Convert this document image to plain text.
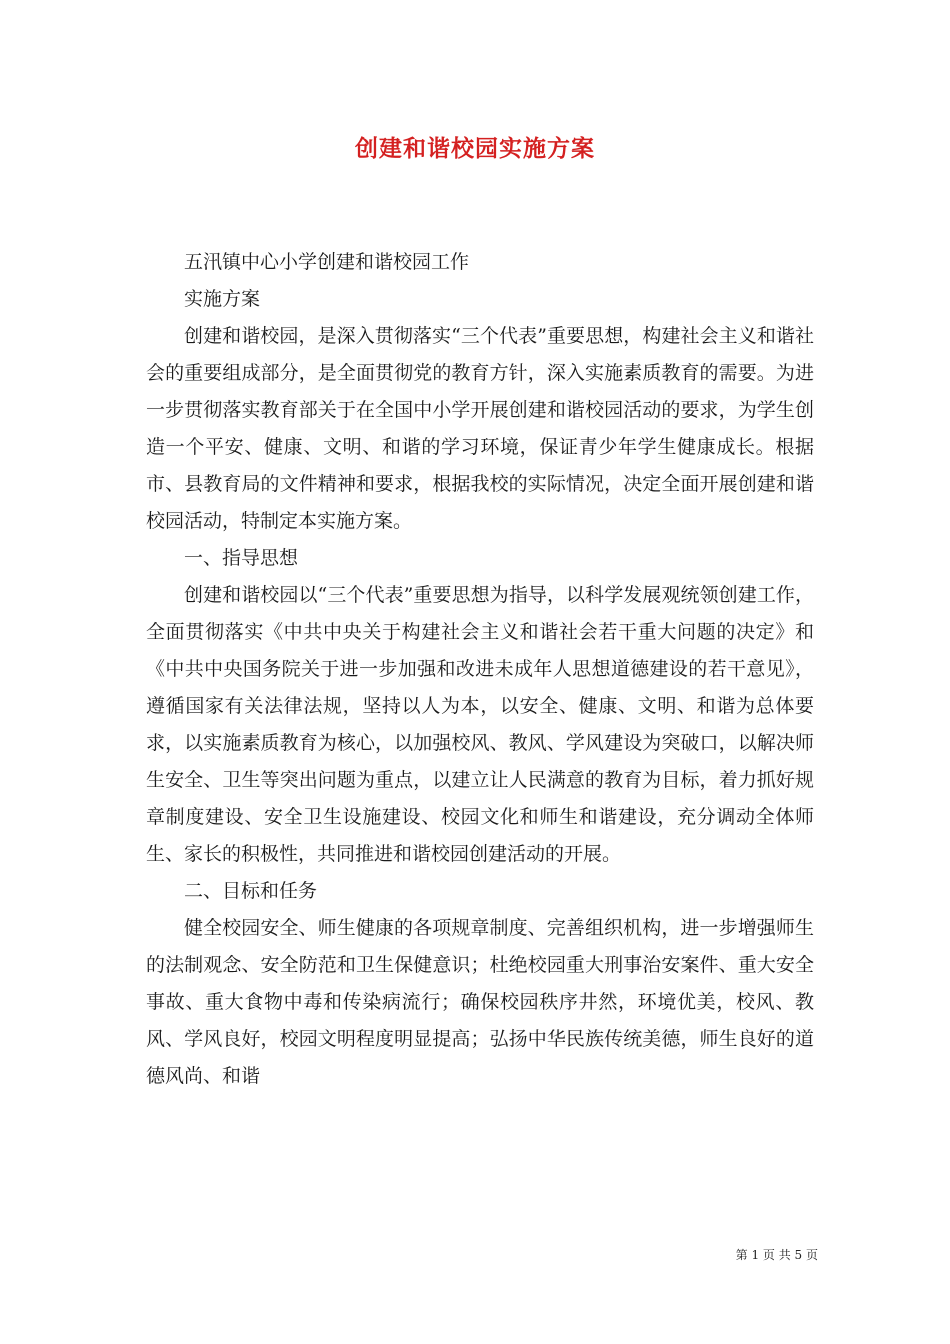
创建和谐校园实施方案

五汛镇中心小学创建和谐校园工作

实施方案

创建和谐校园，是深入贯彻落实“三个代表”重要思想，构建社会主义和谐社会的重要组成部分，是全面贯彻党的教育方针，深入实施素质教育的需要。为进一步贯彻落实教育部关于在全国中小学开展创建和谐校园活动的要求，为学生创造一个平安、健康、文明、和谐的学习环境，保证青少年学生健康成长。根据市、县教育局的文件精神和要求，根据我校的实际情况，决定全面开展创建和谐校园活动，特制定本实施方案。

一、指导思想

创建和谐校园以“三个代表”重要思想为指导，以科学发展观统领创建工作，全面贯彻落实《中共中央关于构建社会主义和谐社会若干重大问题的决定》和《中共中央国务院关于进一步加强和改进未成年人思想道德建设的若干意见》，遵循国家有关法律法规，坚持以人为本，以安全、健康、文明、和谐为总体要求，以实施素质教育为核心，以加强校风、教风、学风建设为突破口，以解决师生安全、卫生等突出问题为重点，以建立让人民满意的教育为目标，着力抓好规章制度建设、安全卫生设施建设、校园文化和师生和谐建设，充分调动全体师生、家长的积极性，共同推进和谐校园创建活动的开展。

二、目标和任务

健全校园安全、师生健康的各项规章制度、完善组织机构，进一步增强师生的法制观念、安全防范和卫生保健意识；杜绝校园重大刑事治安案件、重大安全事故、重大食物中毒和传染病流行；确保校园秩序井然，环境优美，校风、教风、学风良好，校园文明程度明显提高；弘扬中华民族传统美德，师生良好的道德风尚、和谐

第 1 页 共 5 页
